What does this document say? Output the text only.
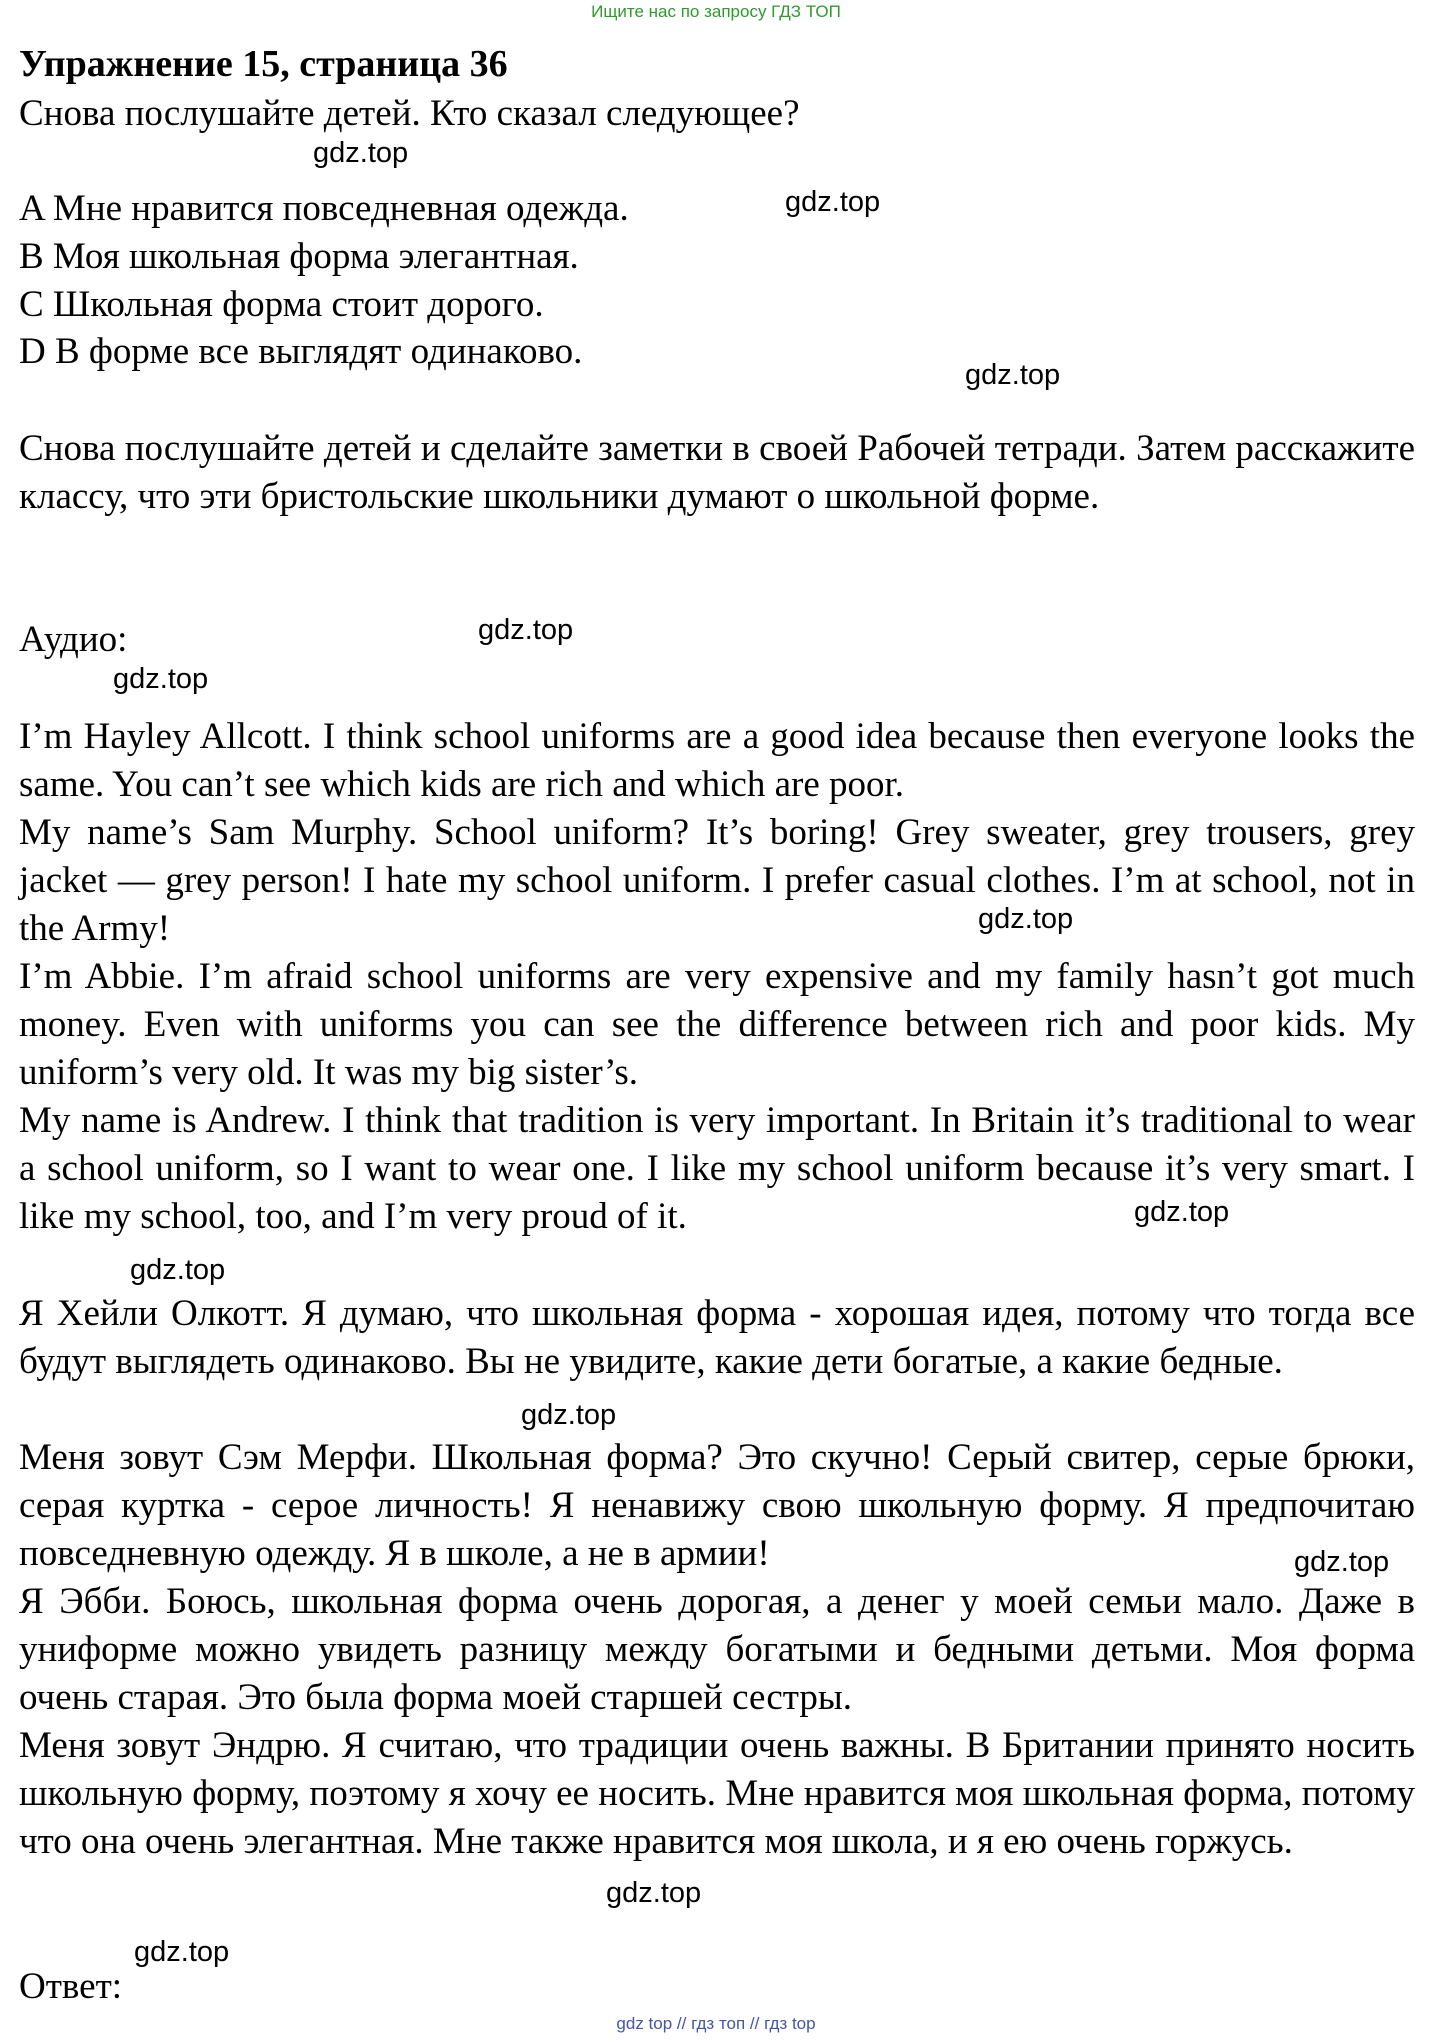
Ищите нас по запросу ГДЗ ТОП
Упражнение 15, страница 36
Снова послушайте детей. Кто сказал следующее?
gdz.top
A Мне нравится повседневная одежда.	gdz.top
B Моя школьная форма элегантная.
C Школьная форма стоит дорого.
D В форме все выглядят одинаково.
gdz.top
Снова послушайте детей и сделайте заметки в своей Рабочей тетради. Затем расскажите классу, что эти бристольские школьники думают о школьной форме.
Аудио:	gdz.top
gdz.top
I’m Hayley Allcott. I think school uniforms are a good idea because then everyone looks the same. You can’t see which kids are rich and which are poor.
My name’s Sam Murphy. School uniform? It’s boring! Grey sweater, grey trousers, grey jacket — grey person! I hate my school uniform. I prefer casual clothes. I’m at school, not in the Army!	gdz.top
I’m Abbie. I’m afraid school uniforms are very expensive and my family hasn’t got much money. Even with uniforms you can see the difference between rich and poor kids. My uniform’s very old. It was my big sister’s.
My name is Andrew. I think that tradition is very important. In Britain it’s traditional to wear a school uniform, so I want to wear one. I like my school uniform because it’s very smart. I like my school, too, and I’m very proud of it.	gdz.top
gdz.top
Я Хейли Олкотт. Я думаю, что школьная форма - хорошая идея, потому что тогда все будут выглядеть одинаково. Вы не увидите, какие дети богатые, а какие бедные.
gdz.top
Меня зовут Сэм Мерфи. Школьная форма? Это скучно! Серый свитер, серые брюки, серая куртка - серое личность! Я ненавижу свою школьную форму. Я предпочитаю повседневную одежду. Я в школе, а не в армии!	gdz.top
Я Эбби. Боюсь, школьная форма очень дорогая, а денег у моей семьи мало. Даже в униформе можно увидеть разницу между богатыми и бедными детьми. Моя форма очень старая. Это была форма моей старшей сестры.
Меня зовут Эндрю. Я считаю, что традиции очень важны. В Британии принято носить школьную форму, поэтому я хочу ее носить. Мне нравится моя школьная форма, потому что она очень элегантная. Мне также нравится моя школа, и я ею очень горжусь.
gdz.top
gdz.top
Ответ:
gdz top // гдз топ // гдз top
